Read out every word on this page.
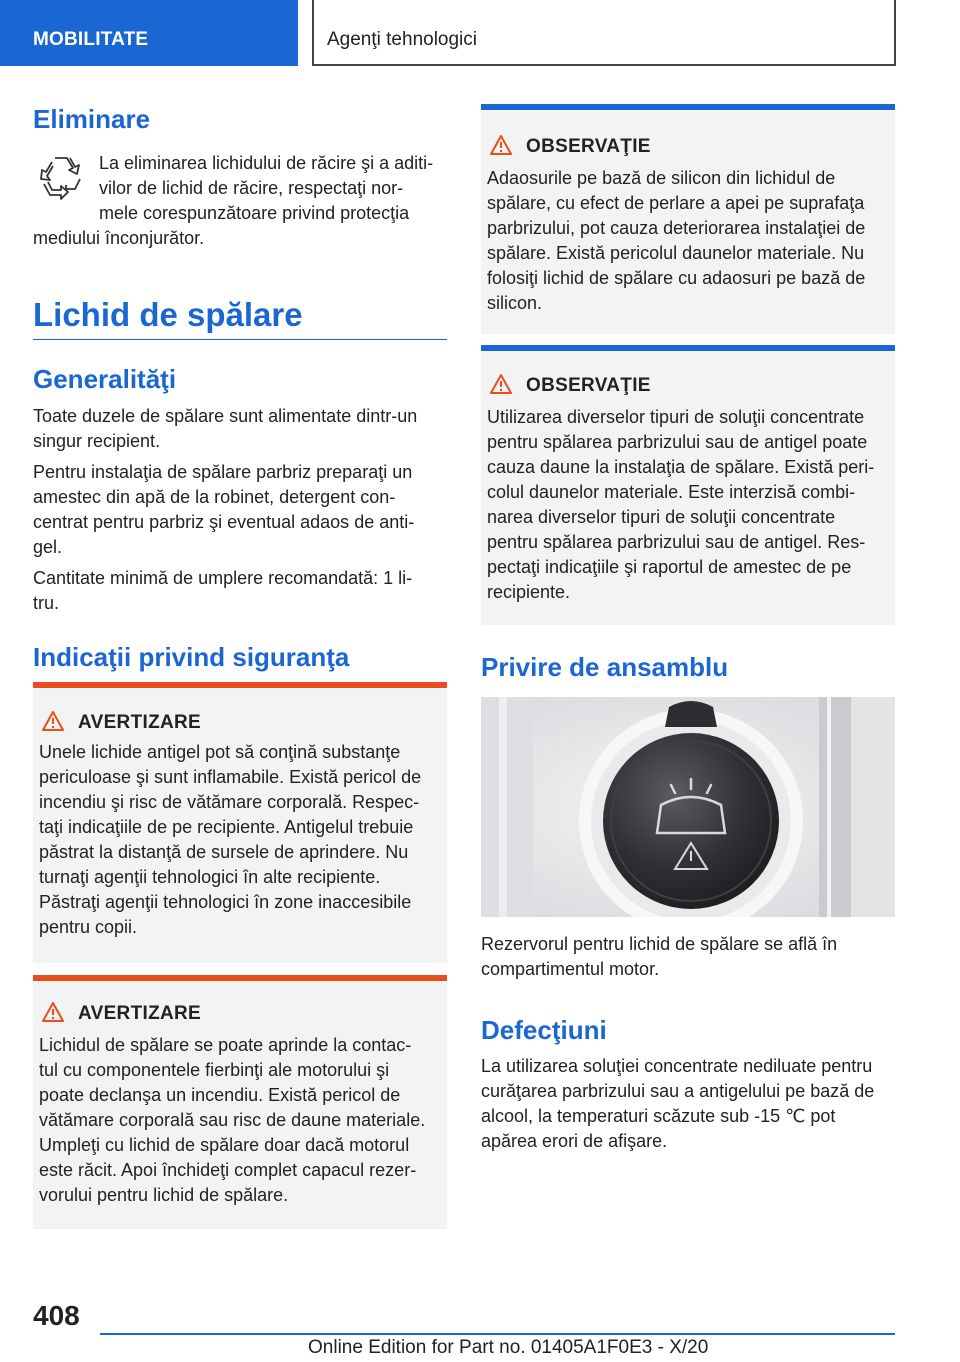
MOBILITATE	Agenţi tehnologici
Eliminare

La eliminarea lichidului de răcire şi a aditi-

vilor de lichid de răcire, respectaţi nor-

mele corespunzătoare privind protecţia

mediului înconjurător.

Lichid de spălare
Generalităţi

Toate duzele de spălare sunt alimentate dintr-un

singur recipient.

Pentru instalaţia de spălare parbriz preparaţi un

amestec din apă de la robinet, detergent con-

centrat pentru parbriz şi eventual adaos de anti-

gel.

Cantitate minimă de umplere recomandată: 1 li-

tru.

Indicaţii privind siguranţa
AVERTIZARE
Unele lichide antigel pot să conţină substanţe
periculoase şi sunt inflamabile. Există pericol de
incendiu şi risc de vătămare corporală. Respec-
taţi indicaţiile de pe recipiente. Antigelul trebuie
păstrat la distanţă de sursele de aprindere. Nu
turnaţi agenţii tehnologici în alte recipiente.
Păstraţi agenţii tehnologici în zone inaccesibile
pentru copii.
AVERTIZARE
Lichidul de spălare se poate aprinde la contac-
tul cu componentele fierbinţi ale motorului şi
poate declanşa un incendiu. Există pericol de
vătămare corporală sau risc de daune materiale.
Umpleţi cu lichid de spălare doar dacă motorul
este răcit. Apoi închideţi complet capacul rezer-
vorului pentru lichid de spălare.
OBSERVAŢIE
Adaosurile pe bază de silicon din lichidul de
spălare, cu efect de perlare a apei pe suprafaţa
parbrizului, pot cauza deteriorarea instalaţiei de
spălare. Există pericolul daunelor materiale. Nu
folosiţi lichid de spălare cu adaosuri pe bază de
silicon.
OBSERVAŢIE
Utilizarea diverselor tipuri de soluţii concentrate
pentru spălarea parbrizului sau de antigel poate
cauza daune la instalaţia de spălare. Există peri-
colul daunelor materiale. Este interzisă combi-
narea diverselor tipuri de soluţii concentrate
pentru spălarea parbrizului sau de antigel. Res-
pectaţi indicaţiile şi raportul de amestec de pe
recipiente.
Privire de ansamblu

Rezervorul pentru lichid de spălare se află în

compartimentul motor.

Defecţiuni

La utilizarea soluţiei concentrate nediluate pentru

curăţarea parbrizului sau a antigelului pe bază de

alcool, la temperaturi scăzute sub -15 ℃ pot

apărea erori de afişare.

408
Online Edition for Part no. 01405A1F0E3 - X/20
